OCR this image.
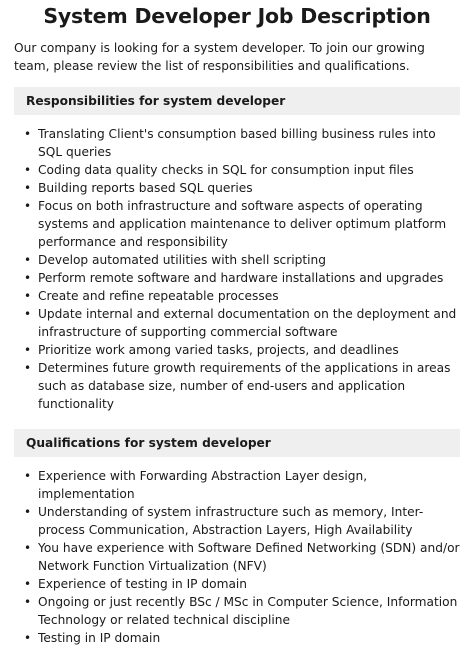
System Developer Job Description

Our company is looking for a system developer. To join our growing team, please review the list of responsibilities and qualifications.

Responsibilities for system developer
• Translating Client's consumption based billing business rules into SQL queries
• Coding data quality checks in SQL for consumption input files
• Building reports based SQL queries
• Focus on both infrastructure and software aspects of operating systems and application maintenance to deliver optimum platform performance and responsibility
• Develop automated utilities with shell scripting
• Perform remote software and hardware installations and upgrades
• Create and refine repeatable processes
• Update internal and external documentation on the deployment and infrastructure of supporting commercial software
• Prioritize work among varied tasks, projects, and deadlines
• Determines future growth requirements of the applications in areas such as database size, number of end-users and application functionality
Qualifications for system developer
• Experience with Forwarding Abstraction Layer design, implementation
• Understanding of system infrastructure such as memory, Inter-process Communication, Abstraction Layers, High Availability
• You have experience with Software Defined Networking (SDN) and/or Network Function Virtualization (NFV)
• Experience of testing in IP domain
• Ongoing or just recently BSc / MSc in Computer Science, Information Technology or related technical discipline
• Testing in IP domain
